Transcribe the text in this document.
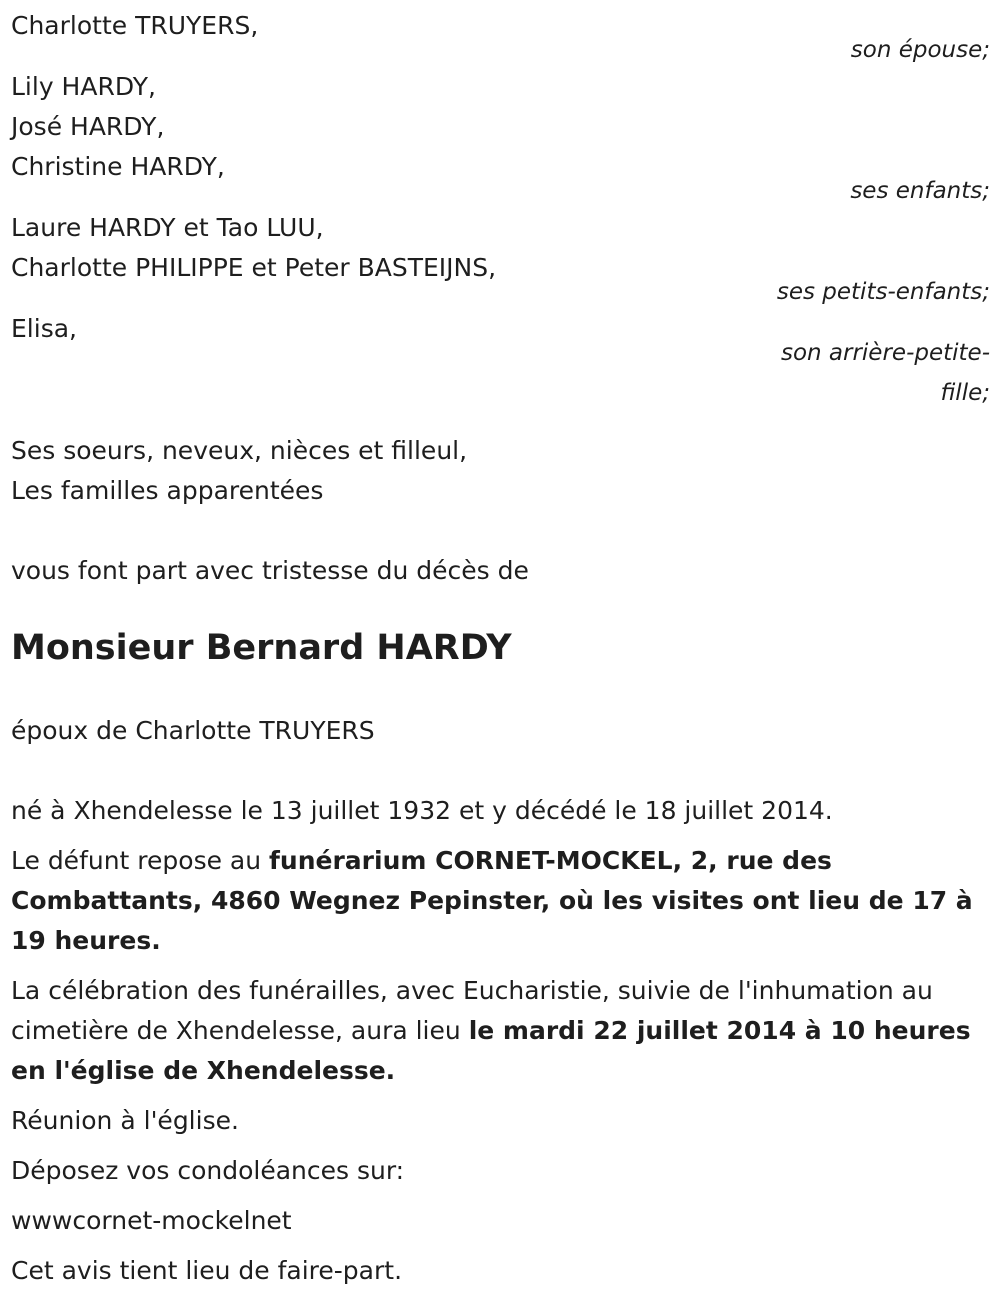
Charlotte TRUYERS,
son épouse;
Lily HARDY,
José HARDY,
Christine HARDY,
ses enfants;
Laure HARDY et Tao LUU,
Charlotte PHILIPPE et Peter BASTEIJNS,
ses petits-enfants;
Elisa,
son arrière-petite-
fille;
Ses soeurs, neveux, nièces et filleul,
Les familles apparentées
vous font part avec tristesse du décès de
Monsieur Bernard HARDY
époux de Charlotte TRUYERS
né à Xhendelesse le 13 juillet 1932 et y décédé le 18 juillet 2014.
Le défunt repose au funérarium CORNET-MOCKEL, 2, rue des Combattants, 4860 Wegnez Pepinster, où les visites ont lieu de 17 à 19 heures.
La célébration des funérailles, avec Eucharistie, suivie de l'inhumation au cimetière de Xhendelesse, aura lieu le mardi 22 juillet 2014 à 10 heures en l'église de Xhendelesse.
Réunion à l'église.
Déposez vos condoléances sur:
wwwcornet-mockelnet
Cet avis tient lieu de faire-part.
